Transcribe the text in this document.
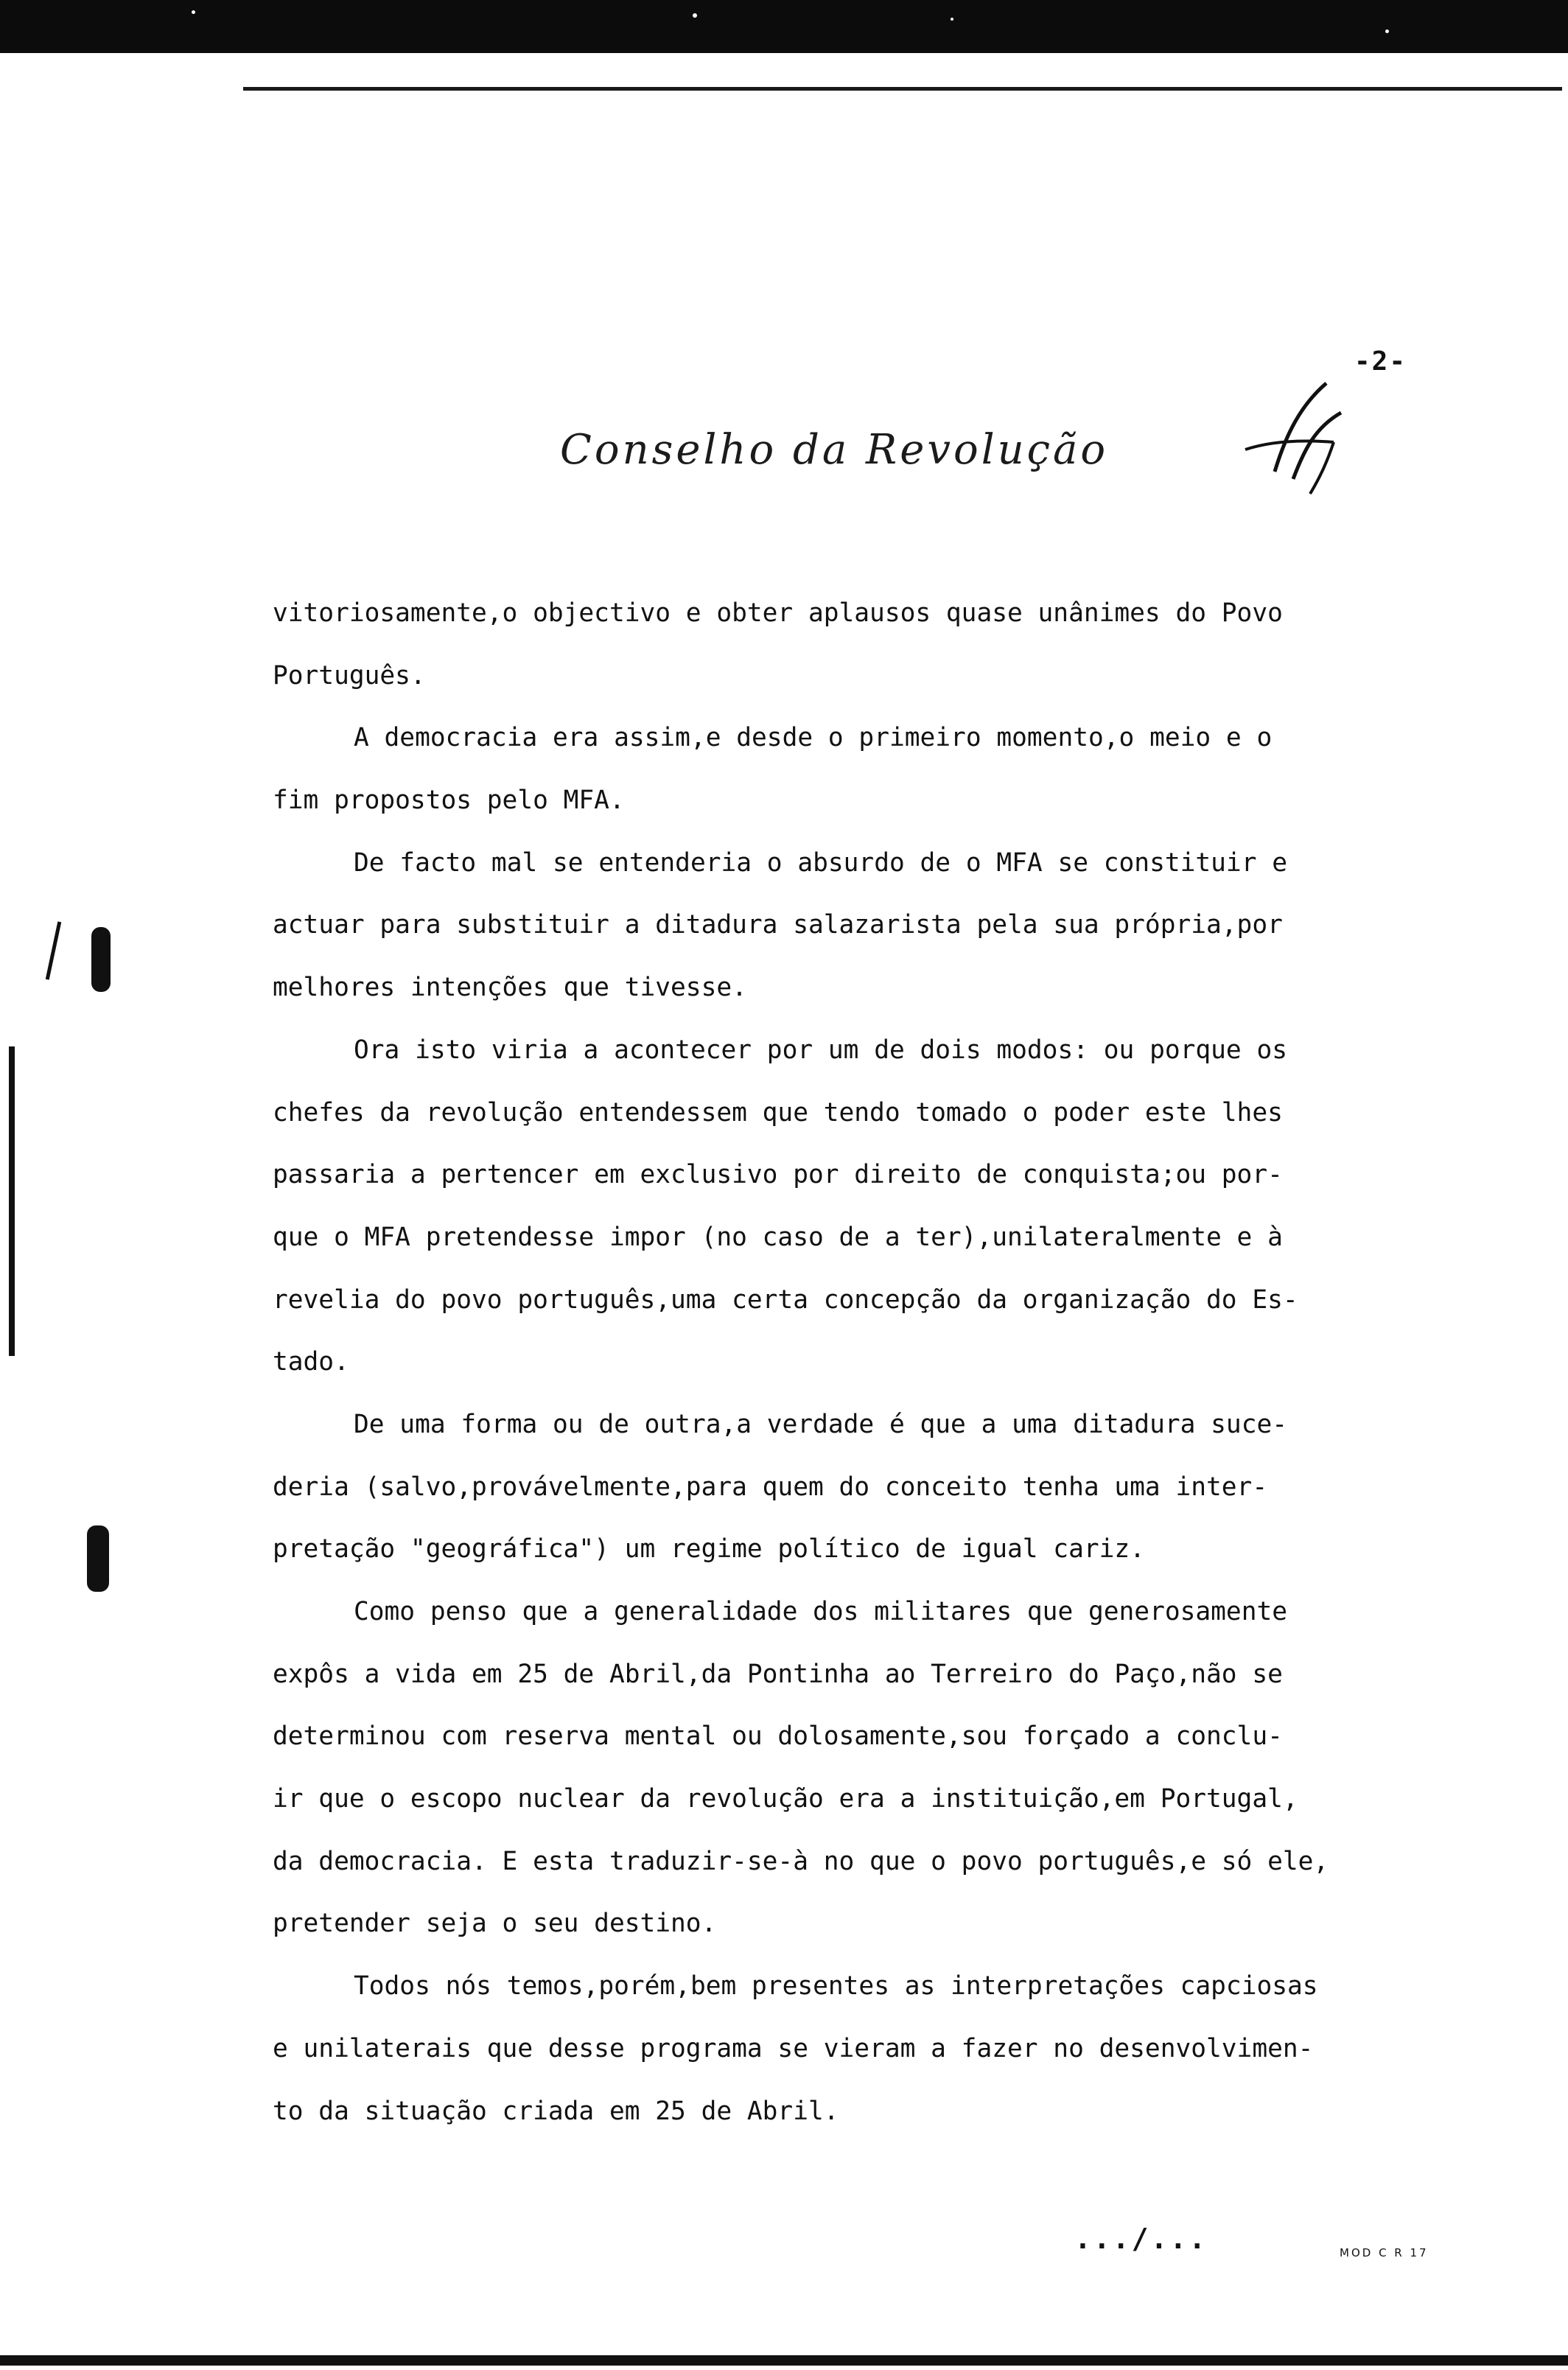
-2-
Conselho da Revolução
vitoriosamente,o objectivo e obter aplausos quase unânimes do Povo
Português.
A democracia era assim,e desde o primeiro momento,o meio e o
fim propostos pelo MFA.
De facto mal se entenderia o absurdo de o MFA se constituir e
actuar para substituir a ditadura salazarista pela sua própria,por
melhores intenções que tivesse.
Ora isto viria a acontecer por um de dois modos: ou porque os
chefes da revolução entendessem que tendo tomado o poder este lhes
passaria a pertencer em exclusivo por direito de conquista;ou por-
que o MFA pretendesse impor (no caso de a ter),unilateralmente e à
revelia do povo português,uma certa concepção da organização do Es-
tado.
De uma forma ou de outra,a verdade é que a uma ditadura suce-
deria (salvo,provávelmente,para quem do conceito tenha uma inter-
pretação "geográfica") um regime político de igual cariz.
Como penso que a generalidade dos militares que generosamente
expôs a vida em 25 de Abril,da Pontinha ao Terreiro do Paço,não se
determinou com reserva mental ou dolosamente,sou forçado a conclu-
ir que o escopo nuclear da revolução era a instituição,em Portugal,
da democracia. E esta traduzir-se-à no que o povo português,e só ele,
pretender seja o seu destino.
Todos nós temos,porém,bem presentes as interpretações capciosas
e unilaterais que desse programa se vieram a fazer no desenvolvimen-
to da situação criada em 25 de Abril.
.../...	MOD C R 17
